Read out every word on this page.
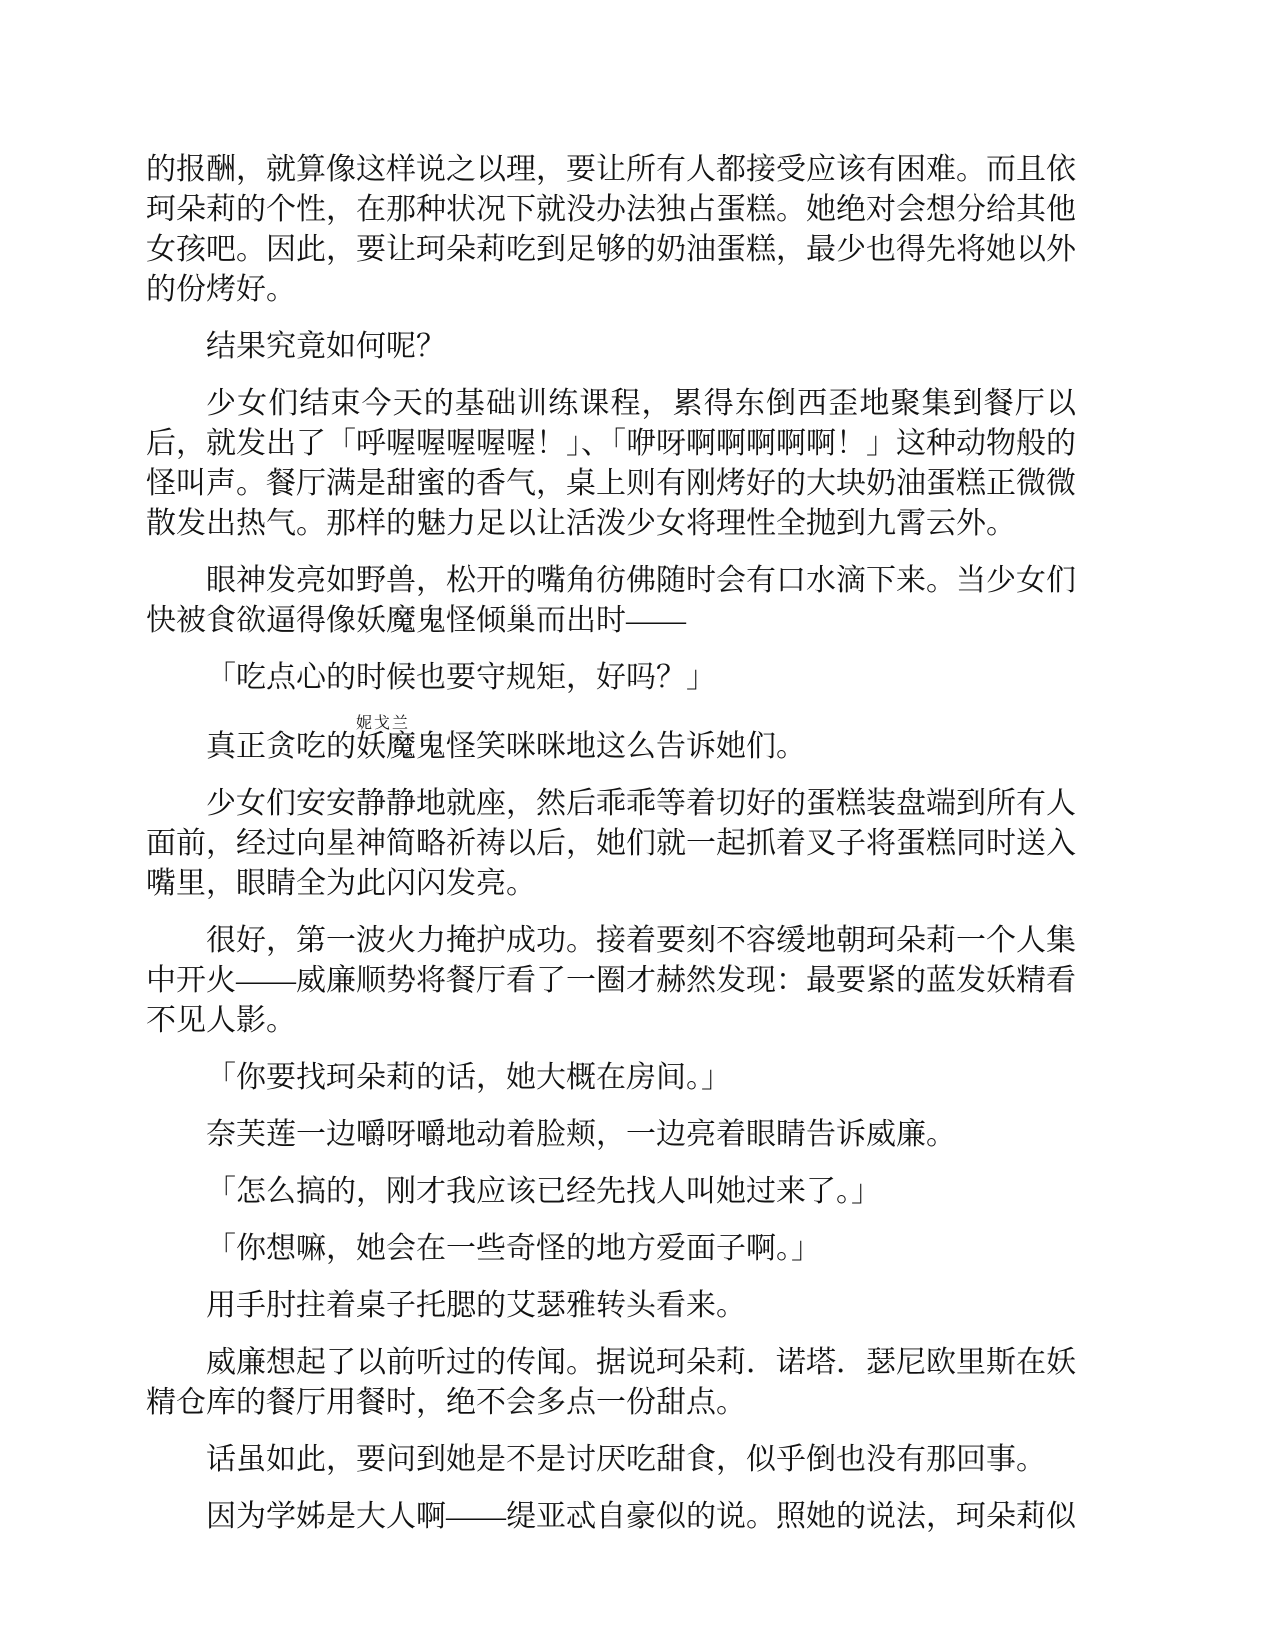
的报酬，就算像这样说之以理，要让所有人都接受应该有困难。而且依珂朵莉的个性，在那种状况下就没办法独占蛋糕。她绝对会想分给其他女孩吧。因此，要让珂朵莉吃到足够的奶油蛋糕，最少也得先将她以外的份烤好。

结果究竟如何呢？

少女们结束今天的基础训练课程，累得东倒西歪地聚集到餐厅以后，就发出了「呼喔喔喔喔喔！」、「咿呀啊啊啊啊啊！」这种动物般的怪叫声。餐厅满是甜蜜的香气，桌上则有刚烤好的大块奶油蛋糕正微微散发出热气。那样的魅力足以让活泼少女将理性全抛到九霄云外。

眼神发亮如野兽，松开的嘴角彷佛随时会有口水滴下来。当少女们快被食欲逼得像妖魔鬼怪倾巢而出时——

「吃点心的时候也要守规矩，好吗？」

真正贪吃的妖魔鬼怪妮戈兰笑咪咪地这么告诉她们。

少女们安安静静地就座，然后乖乖等着切好的蛋糕装盘端到所有人面前，经过向星神简略祈祷以后，她们就一起抓着叉子将蛋糕同时送入嘴里，眼睛全为此闪闪发亮。

很好，第一波火力掩护成功。接着要刻不容缓地朝珂朵莉一个人集中开火——威廉顺势将餐厅看了一圈才赫然发现：最要紧的蓝发妖精看不见人影。

「你要找珂朵莉的话，她大概在房间。」

奈芙莲一边嚼呀嚼地动着脸颊，一边亮着眼睛告诉威廉。

「怎么搞的，刚才我应该已经先找人叫她过来了。」

「你想嘛，她会在一些奇怪的地方爱面子啊。」

用手肘拄着桌子托腮的艾瑟雅转头看来。

威廉想起了以前听过的传闻。据说珂朵莉．诺塔．瑟尼欧里斯在妖精仓库的餐厅用餐时，绝不会多点一份甜点。

话虽如此，要问到她是不是讨厌吃甜食，似乎倒也没有那回事。

因为学姊是大人啊——缇亚忒自豪似的说。照她的说法，珂朵莉似
